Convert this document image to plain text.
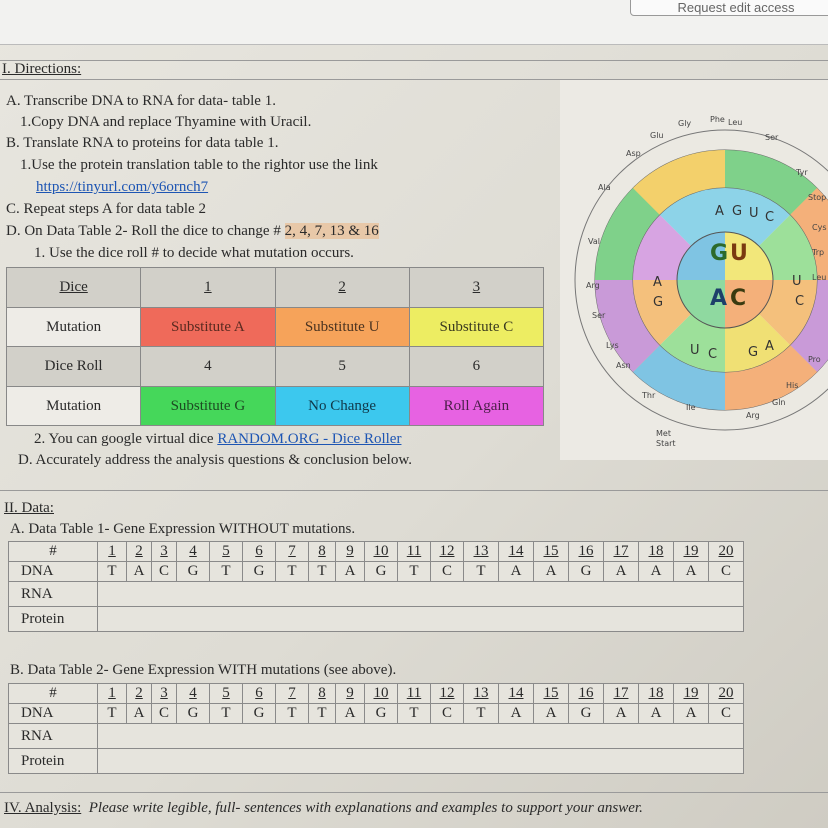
Request edit access
I. Directions:
A. Transcribe DNA to RNA for data- table 1.
1.Copy DNA and replace Thyamine with Uracil.
B. Translate RNA to proteins for data table 1.
1.Use the protein translation table to the rightor use the link
https://tinyurl.com/y6ornch7
C. Repeat steps A for data table 2
D. On Data Table 2- Roll the dice to change # 2, 4, 7, 13 & 16
1. Use the dice roll # to decide what mutation occurs.
Dice	1	2	3
Mutation	Substitute A	Substitute U	Substitute C
Dice Roll	4	5	6
Mutation	Substitute G	No Change	Roll Again
2. You can google virtual dice RANDOM.ORG - Dice Roller
D. Accurately address the analysis questions & conclusion below.
G U
A C
A G U C
U
C
A
G
C
U
G
A
Gly Phe Leu
Ser
Tyr
Stop
Cys
Trp
Leu
Pro
His
Gln
Arg
Ile
Met
Start
Thr
Asn
Lys
Ser
Arg
Val
Ala
Asp
Glu
II. Data:
A. Data Table 1- Gene Expression WITHOUT mutations.
#	1	2	3	4	5	6	7	8	9	10	11	12	13	14	15	16	17	18	19	20
DNA	T	A	C	G	T	G	T	T	A	G	T	C	T	A	A	G	A	A	A	C
RNA																				
Protein																				
B. Data Table 2- Gene Expression WITH mutations (see above).
#	1	2	3	4	5	6	7	8	9	10	11	12	13	14	15	16	17	18	19	20
DNA	T	A	C	G	T	G	T	T	A	G	T	C	T	A	A	G	A	A	A	C
RNA																				
Protein																				
IV. Analysis: Please write legible, full- sentences with explanations and examples to support your answer.
